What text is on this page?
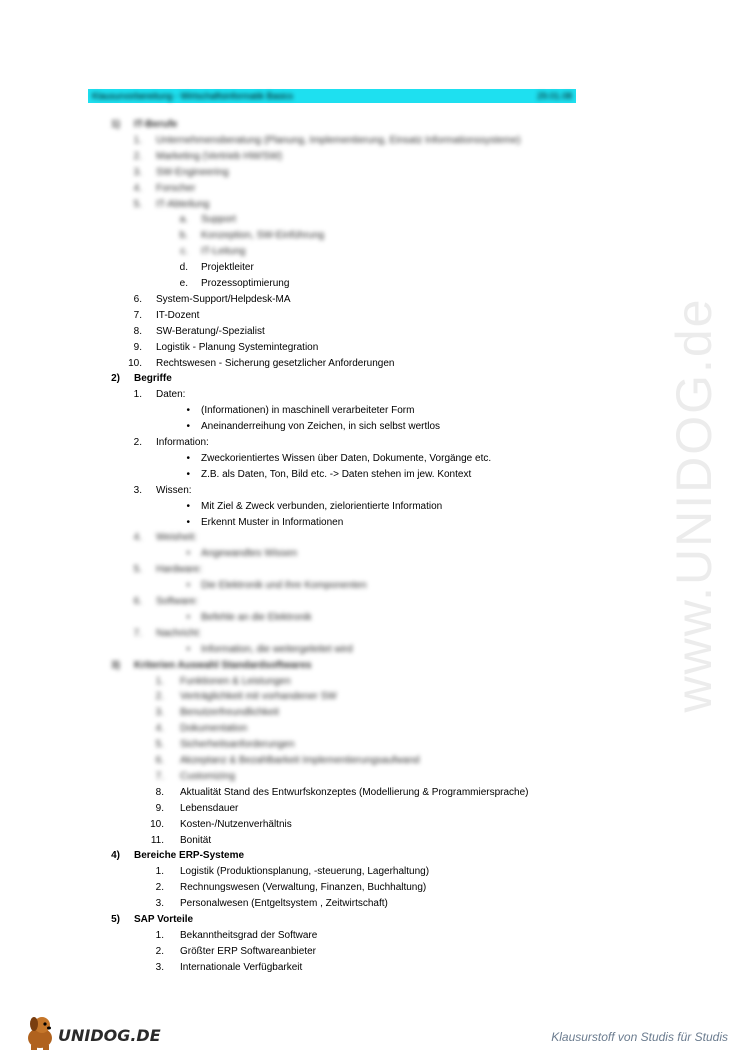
Klausurvorbereitung - Wirtschaftsinformatik Basics	29.01.08
1) IT-Berufe
1. Unternehmensberatung (Planung, Implementierung, Einsatz Informationssysteme)
2. Marketing (Vertrieb HW/SW)
3. SW-Engineering
4. Forscher
5. IT-Abteilung
a. Support
b. Konzeption, SW-Einführung
c. IT-Leitung
d. Projektleiter
e. Prozessoptimierung
6. System-Support/Helpdesk-MA
7. IT-Dozent
8. SW-Beratung/-Spezialist
9. Logistik - Planung Systemintegration
10. Rechtswesen - Sicherung gesetzlicher Anforderungen
2) Begriffe
1. Daten:
• (Informationen) in maschinell verarbeiteter Form
• Aneinanderreihung von Zeichen, in sich selbst wertlos
2. Information:
• Zweckorientiertes Wissen über Daten, Dokumente, Vorgänge etc.
• Z.B. als Daten, Ton, Bild etc. -> Daten stehen im jew. Kontext
3. Wissen:
• Mit Ziel & Zweck verbunden, zielorientierte Information
• Erkennt Muster in Informationen
4. Weisheit:
• Angewandtes Wissen
5. Hardware:
• Die Elektronik und ihre Komponenten
6. Software:
• Befehle an die Elektronik
7. Nachricht:
• Information, die weitergeleitet wird
3) Kriterien Auswahl Standardsoftwares
1. Funktionen & Leistungen
2. Verträglichkeit mit vorhandener SW
3. Benutzerfreundlichkeit
4. Dokumentation
5. Sicherheitsanforderungen
6. Akzeptanz & Bezahlbarkeit Implementierungsaufwand
7. Customizing
8. Aktualität Stand des Entwurfskonzeptes (Modellierung & Programmiersprache)
9. Lebensdauer
10. Kosten-/Nutzenverhältnis
11. Bonität
4) Bereiche ERP-Systeme
1. Logistik (Produktionsplanung, -steuerung, Lagerhaltung)
2. Rechnungswesen (Verwaltung, Finanzen, Buchhaltung)
3. Personalwesen (Entgeltsystem , Zeitwirtschaft)
5) SAP Vorteile
1. Bekanntheitsgrad der Software
2. Größter ERP Softwareanbieter
3. Internationale Verfügbarkeit
www.UNIDOG.de
UNIDOG.DE	Klausurstoff von Studis für Studis
